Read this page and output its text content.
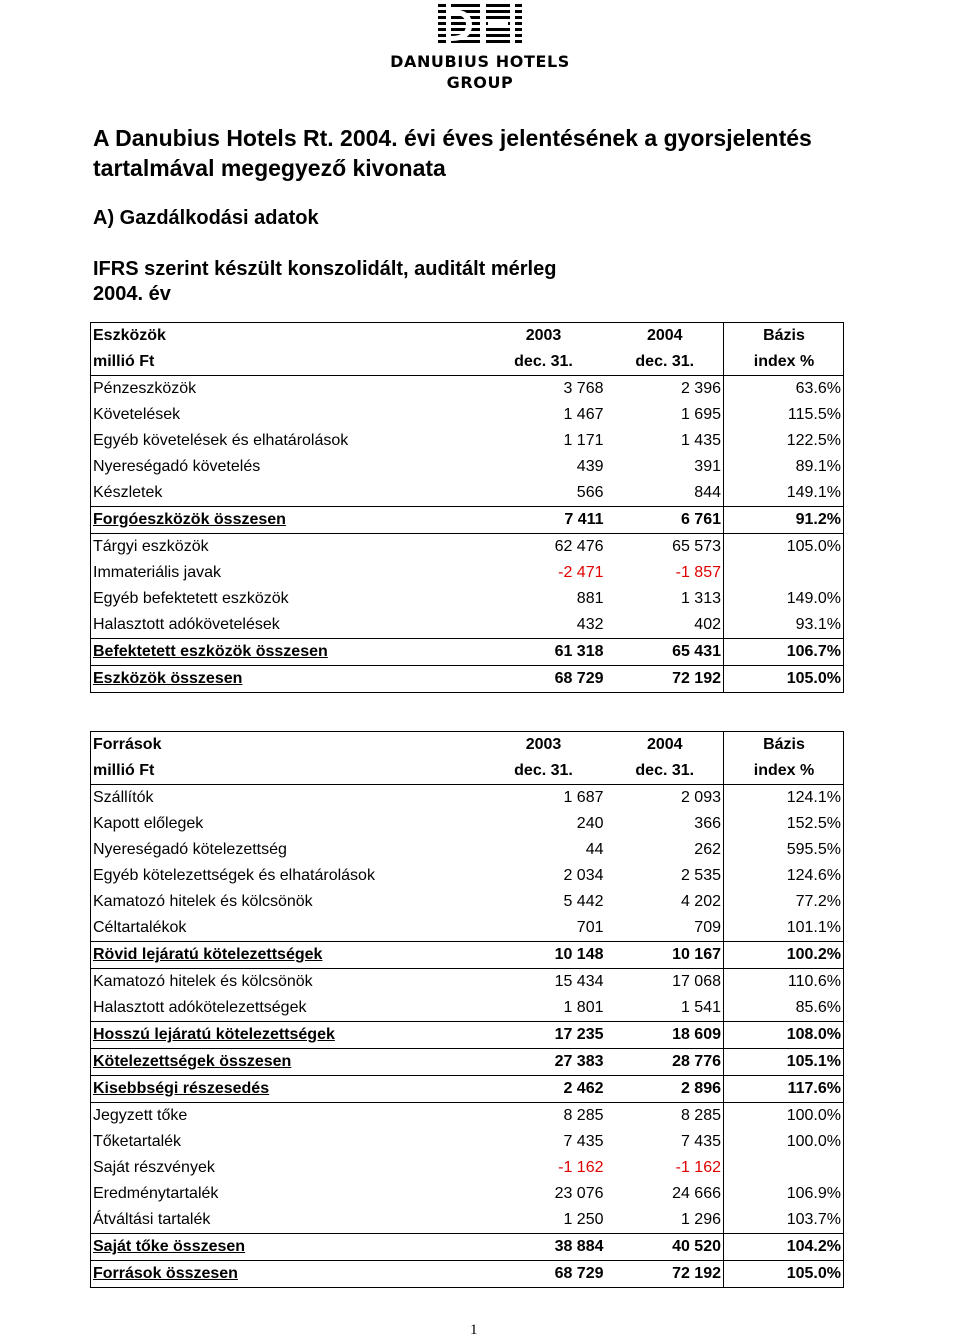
DANUBIUS HOTELS
GROUP
A Danubius Hotels Rt. 2004. évi éves jelentésének a gyorsjelentés
tartalmával megegyező kivonata
A) Gazdálkodási adatok
IFRS szerint készült konszolidált, auditált mérleg
2004. év
Eszközök	2003	2004	Bázis
millió Ft	dec. 31.	dec. 31.	index %
Pénzeszközök	3 768	2 396	63.6%
Követelések	1 467	1 695	115.5%
Egyéb követelések és elhatárolások	1 171	1 435	122.5%
Nyereségadó követelés	439	391	89.1%
Készletek	566	844	149.1%
Forgóeszközök összesen	7 411	6 761	91.2%
Tárgyi eszközök	62 476	65 573	105.0%
Immateriális javak	-2 471	-1 857	
Egyéb befektetett eszközök	881	1 313	149.0%
Halasztott adókövetelések	432	402	93.1%
Befektetett eszközök összesen	61 318	65 431	106.7%
Eszközök összesen	68 729	72 192	105.0%
Források	2003	2004	Bázis
millió Ft	dec. 31.	dec. 31.	index %
Szállítók	1 687	2 093	124.1%
Kapott előlegek	240	366	152.5%
Nyereségadó kötelezettség	44	262	595.5%
Egyéb kötelezettségek és elhatárolások	2 034	2 535	124.6%
Kamatozó hitelek és kölcsönök	5 442	4 202	77.2%
Céltartalékok	701	709	101.1%
Rövid lejáratú kötelezettségek	10 148	10 167	100.2%
Kamatozó hitelek és kölcsönök	15 434	17 068	110.6%
Halasztott adókötelezettségek	1 801	1 541	85.6%
Hosszú lejáratú kötelezettségek	17 235	18 609	108.0%
Kötelezettségek összesen	27 383	28 776	105.1%
Kisebbségi részesedés	2 462	2 896	117.6%
Jegyzett tőke	8 285	8 285	100.0%
Tőketartalék	7 435	7 435	100.0%
Saját részvények	-1 162	-1 162	
Eredménytartalék	23 076	24 666	106.9%
Átváltási tartalék	1 250	1 296	103.7%
Saját tőke összesen	38 884	40 520	104.2%
Források összesen	68 729	72 192	105.0%
1
